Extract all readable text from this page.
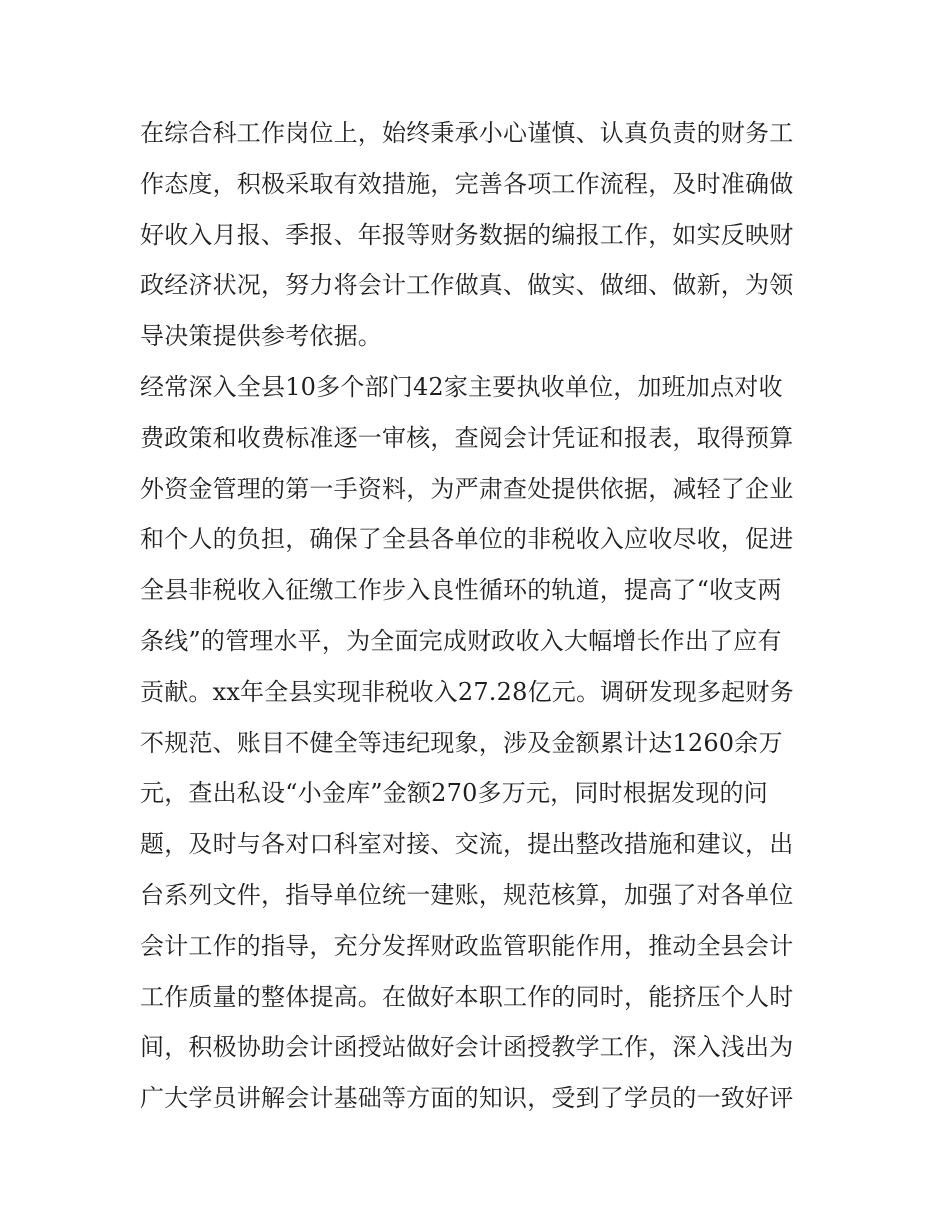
在综合科工作岗位上，始终秉承小心谨慎、认真负责的财务工
作态度，积极采取有效措施，完善各项工作流程，及时准确做
好收入月报、季报、年报等财务数据的编报工作，如实反映财
政经济状况，努力将会计工作做真、做实、做细、做新，为领
导决策提供参考依据。
经常深入全县10多个部门42家主要执收单位，加班加点对收
费政策和收费标准逐一审核，查阅会计凭证和报表，取得预算
外资金管理的第一手资料，为严肃查处提供依据，减轻了企业
和个人的负担，确保了全县各单位的非税收入应收尽收，促进
全县非税收入征缴工作步入良性循环的轨道，提高了“收支两
条线”的管理水平，为全面完成财政收入大幅增长作出了应有
贡献。xx年全县实现非税收入27.28亿元。调研发现多起财务
不规范、账目不健全等违纪现象，涉及金额累计达1260余万
元，查出私设“小金库”金额270多万元，同时根据发现的问
题，及时与各对口科室对接、交流，提出整改措施和建议，出
台系列文件，指导单位统一建账，规范核算，加强了对各单位
会计工作的指导，充分发挥财政监管职能作用，推动全县会计
工作质量的整体提高。在做好本职工作的同时，能挤压个人时
间，积极协助会计函授站做好会计函授教学工作，深入浅出为
广大学员讲解会计基础等方面的知识，受到了学员的一致好评
